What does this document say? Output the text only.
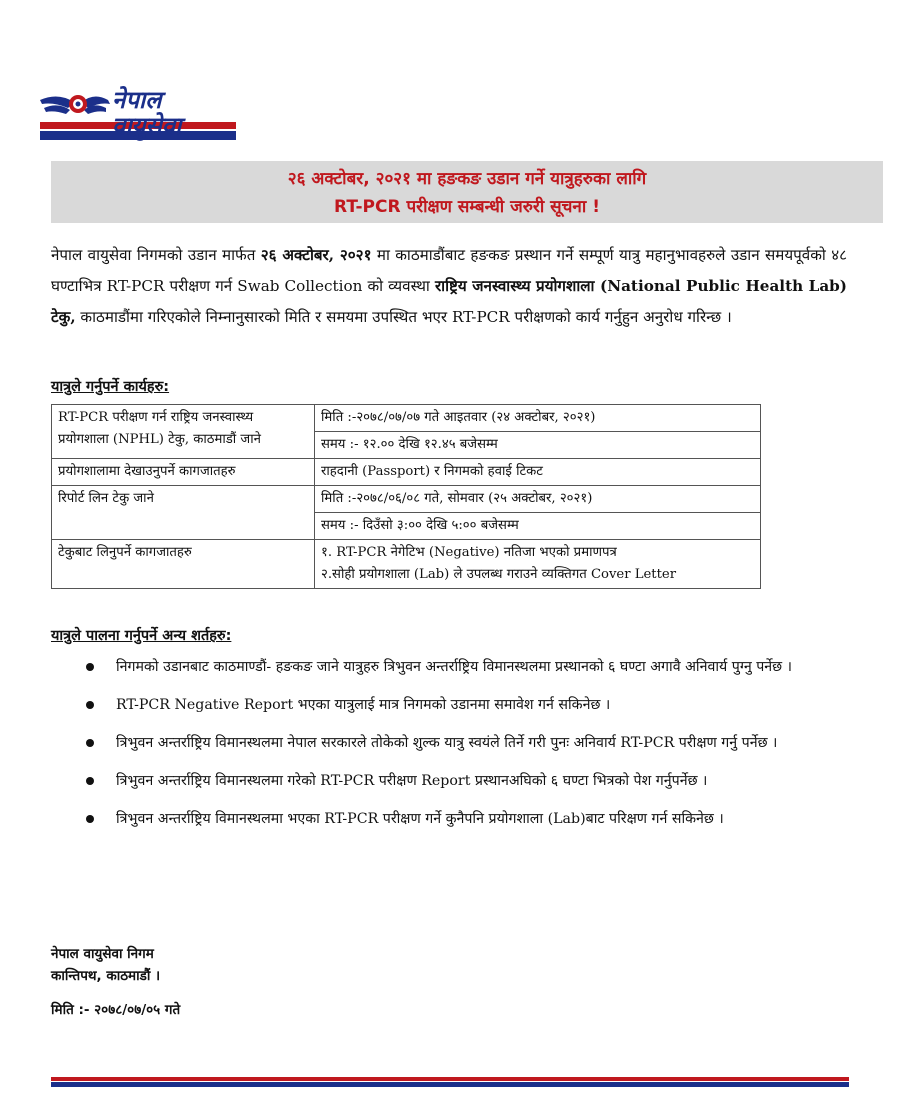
नेपाल
वायुसेवा
२६ अक्टोबर, २०२१ मा हङकङ उडान गर्ने यात्रुहरुका लागि
RT-PCR परीक्षण सम्बन्धी जरुरी सूचना !
नेपाल वायुसेवा निगमको उडान मार्फत २६ अक्टोबर, २०२१ मा काठमाडौंबाट हङकङ प्रस्थान गर्ने सम्पूर्ण यात्रु महानुभावहरुले उडान समयपूर्वको ४८ घण्टाभित्र RT-PCR परीक्षण गर्न Swab Collection को व्यवस्था राष्ट्रिय जनस्वास्थ्य प्रयोगशाला (National Public Health Lab) टेकु, काठमाडौंमा गरिएकोले निम्नानुसारको मिति र समयमा उपस्थित भएर RT-PCR परीक्षणको कार्य गर्नुहुन अनुरोध गरिन्छ ।
यात्रुले गर्नुपर्ने कार्यहरु:
RT-PCR परीक्षण गर्न राष्ट्रिय जनस्वास्थ्य
प्रयोगशाला (NPHL) टेकु, काठमाडौं जाने	मिति :-२०७८/०७/०७ गते आइतवार (२४ अक्टोबर, २०२१)
	समय :- १२.०० देखि १२.४५ बजेसम्म
प्रयोगशालामा देखाउनुपर्ने कागजातहरु	राहदानी (Passport) र निगमको हवाई टिकट
रिपोर्ट लिन टेकु जाने	मिति :-२०७८/०६/०८ गते, सोमवार (२५ अक्टोबर, २०२१)
	समय :- दिउँसो ३:०० देखि ५:०० बजेसम्म
टेकुबाट लिनुपर्ने कागजातहरु	१. RT-PCR नेगेटिभ (Negative) नतिजा भएको प्रमाणपत्र
२.सोही प्रयोगशाला (Lab) ले उपलब्ध गराउने व्यक्तिगत Cover Letter
यात्रुले पालना गर्नुपर्ने अन्य शर्तहरु:
निगमको उडानबाट काठमाण्डौं- हङकङ जाने यात्रुहरु त्रिभुवन अन्तर्राष्ट्रिय विमानस्थलमा प्रस्थानको ६ घण्टा अगावै अनिवार्य पुग्नु पर्नेछ ।
RT-PCR Negative Report भएका यात्रुलाई मात्र निगमको उडानमा समावेश गर्न सकिनेछ ।
त्रिभुवन अन्तर्राष्ट्रिय विमानस्थलमा नेपाल सरकारले तोकेको शुल्क यात्रु स्वयंले तिर्ने गरी पुनः अनिवार्य RT-PCR परीक्षण गर्नु पर्नेछ ।
त्रिभुवन अन्तर्राष्ट्रिय विमानस्थलमा गरेको RT-PCR परीक्षण Report प्रस्थानअघिको ६ घण्टा भित्रको पेश गर्नुपर्नेछ ।
त्रिभुवन अन्तर्राष्ट्रिय विमानस्थलमा भएका RT-PCR परीक्षण गर्ने कुनैपनि प्रयोगशाला (Lab)बाट परिक्षण गर्न सकिनेछ ।
नेपाल वायुसेवा निगम
कान्तिपथ, काठमाडौं ।
मिति :- २०७८/०७/०५ गते
